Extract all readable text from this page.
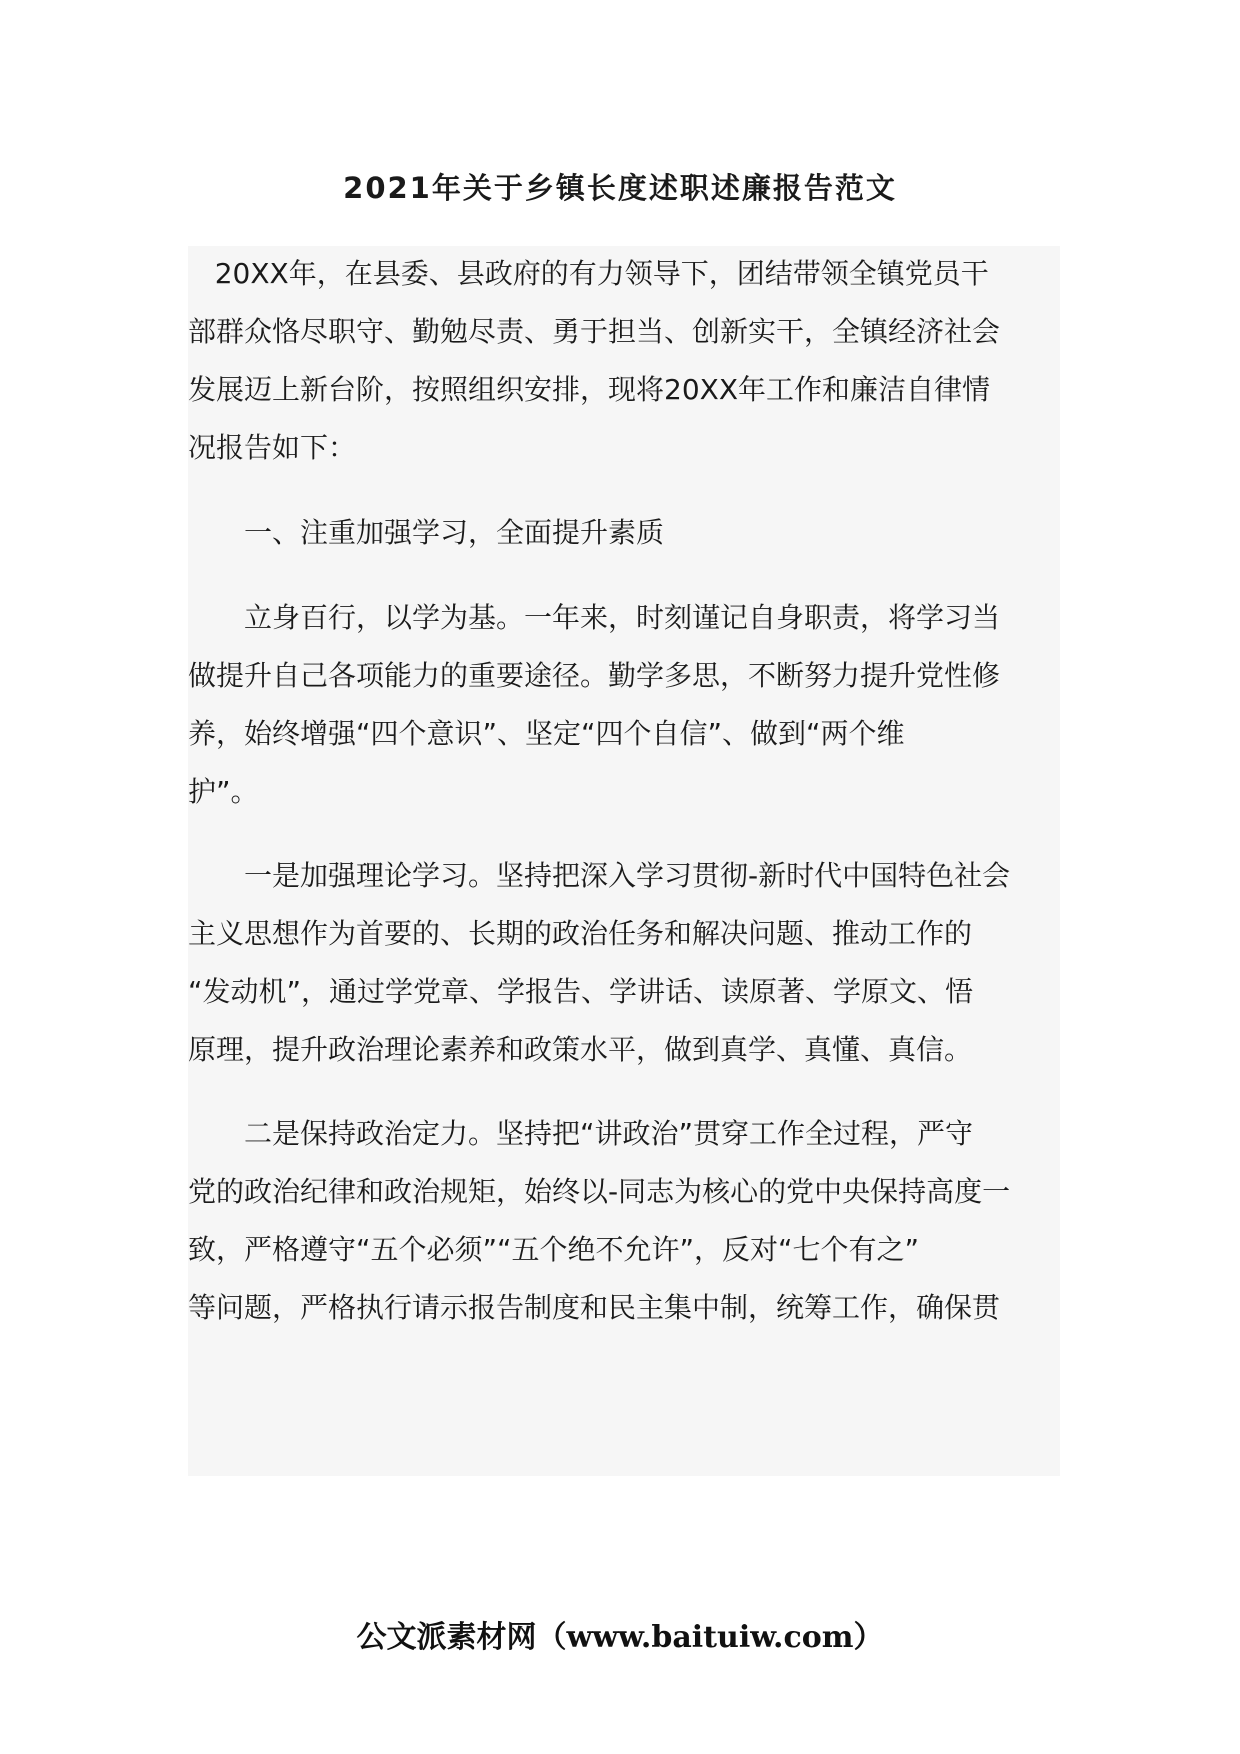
2021年关于乡镇长度述职述廉报告范文
20XX年，在县委、县政府的有力领导下，团结带领全镇党员干
部群众恪尽职守、勤勉尽责、勇于担当、创新实干，全镇经济社会
发展迈上新台阶，按照组织安排，现将20XX年工作和廉洁自律情
况报告如下：
　　一、注重加强学习，全面提升素质
　　立身百行，以学为基。一年来，时刻谨记自身职责，将学习当
做提升自己各项能力的重要途径。勤学多思，不断努力提升党性修
养，始终增强“四个意识”、坚定“四个自信”、做到“两个维
护”。
　　一是加强理论学习。坚持把深入学习贯彻-新时代中国特色社会
主义思想作为首要的、长期的政治任务和解决问题、推动工作的
“发动机”，通过学党章、学报告、学讲话、读原著、学原文、悟
原理，提升政治理论素养和政策水平，做到真学、真懂、真信。
　　二是保持政治定力。坚持把“讲政治”贯穿工作全过程，严守
党的政治纪律和政治规矩，始终以-同志为核心的党中央保持高度一
致，严格遵守“五个必须”“五个绝不允许”，反对“七个有之”
等问题，严格执行请示报告制度和民主集中制，统筹工作，确保贯
公文派素材网（www.baituiw.com）
